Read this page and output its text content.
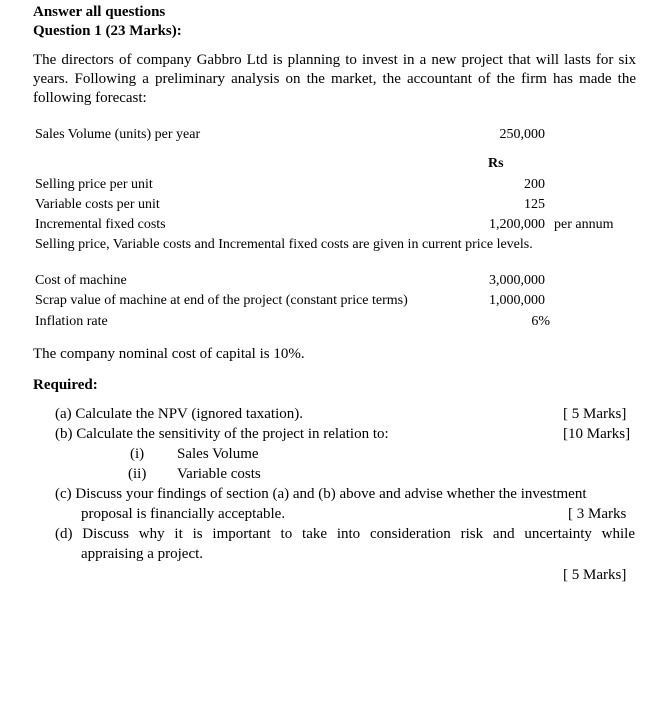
Answer all questions
Question 1 (23 Marks):
The directors of company Gabbro Ltd is planning to invest in a new project that will lasts for six years. Following a preliminary analysis on the market, the accountant of the firm has made the following forecast:
Sales Volume (units) per year	250,000
Rs
Selling price per unit	200
Variable costs per unit	125
Incremental fixed costs	1,200,000 per annum
Selling price, Variable costs and Incremental fixed costs are given in current price levels.
Cost of machine	3,000,000
Scrap value of machine at end of the project (constant price terms)	1,000,000
Inflation rate	6%
The company nominal cost of capital is 10%.
Required:
(a) Calculate the NPV (ignored taxation).	[ 5 Marks]
(b) Calculate the sensitivity of the project in relation to:	[10 Marks]
(i) Sales Volume
(ii) Variable costs
(c) Discuss your findings of section (a) and (b) above and advise whether the investment
proposal is financially acceptable.	[ 3 Marks
(d) Discuss why it is important to take into consideration risk and uncertainty while
appraising a project.
[ 5 Marks]
